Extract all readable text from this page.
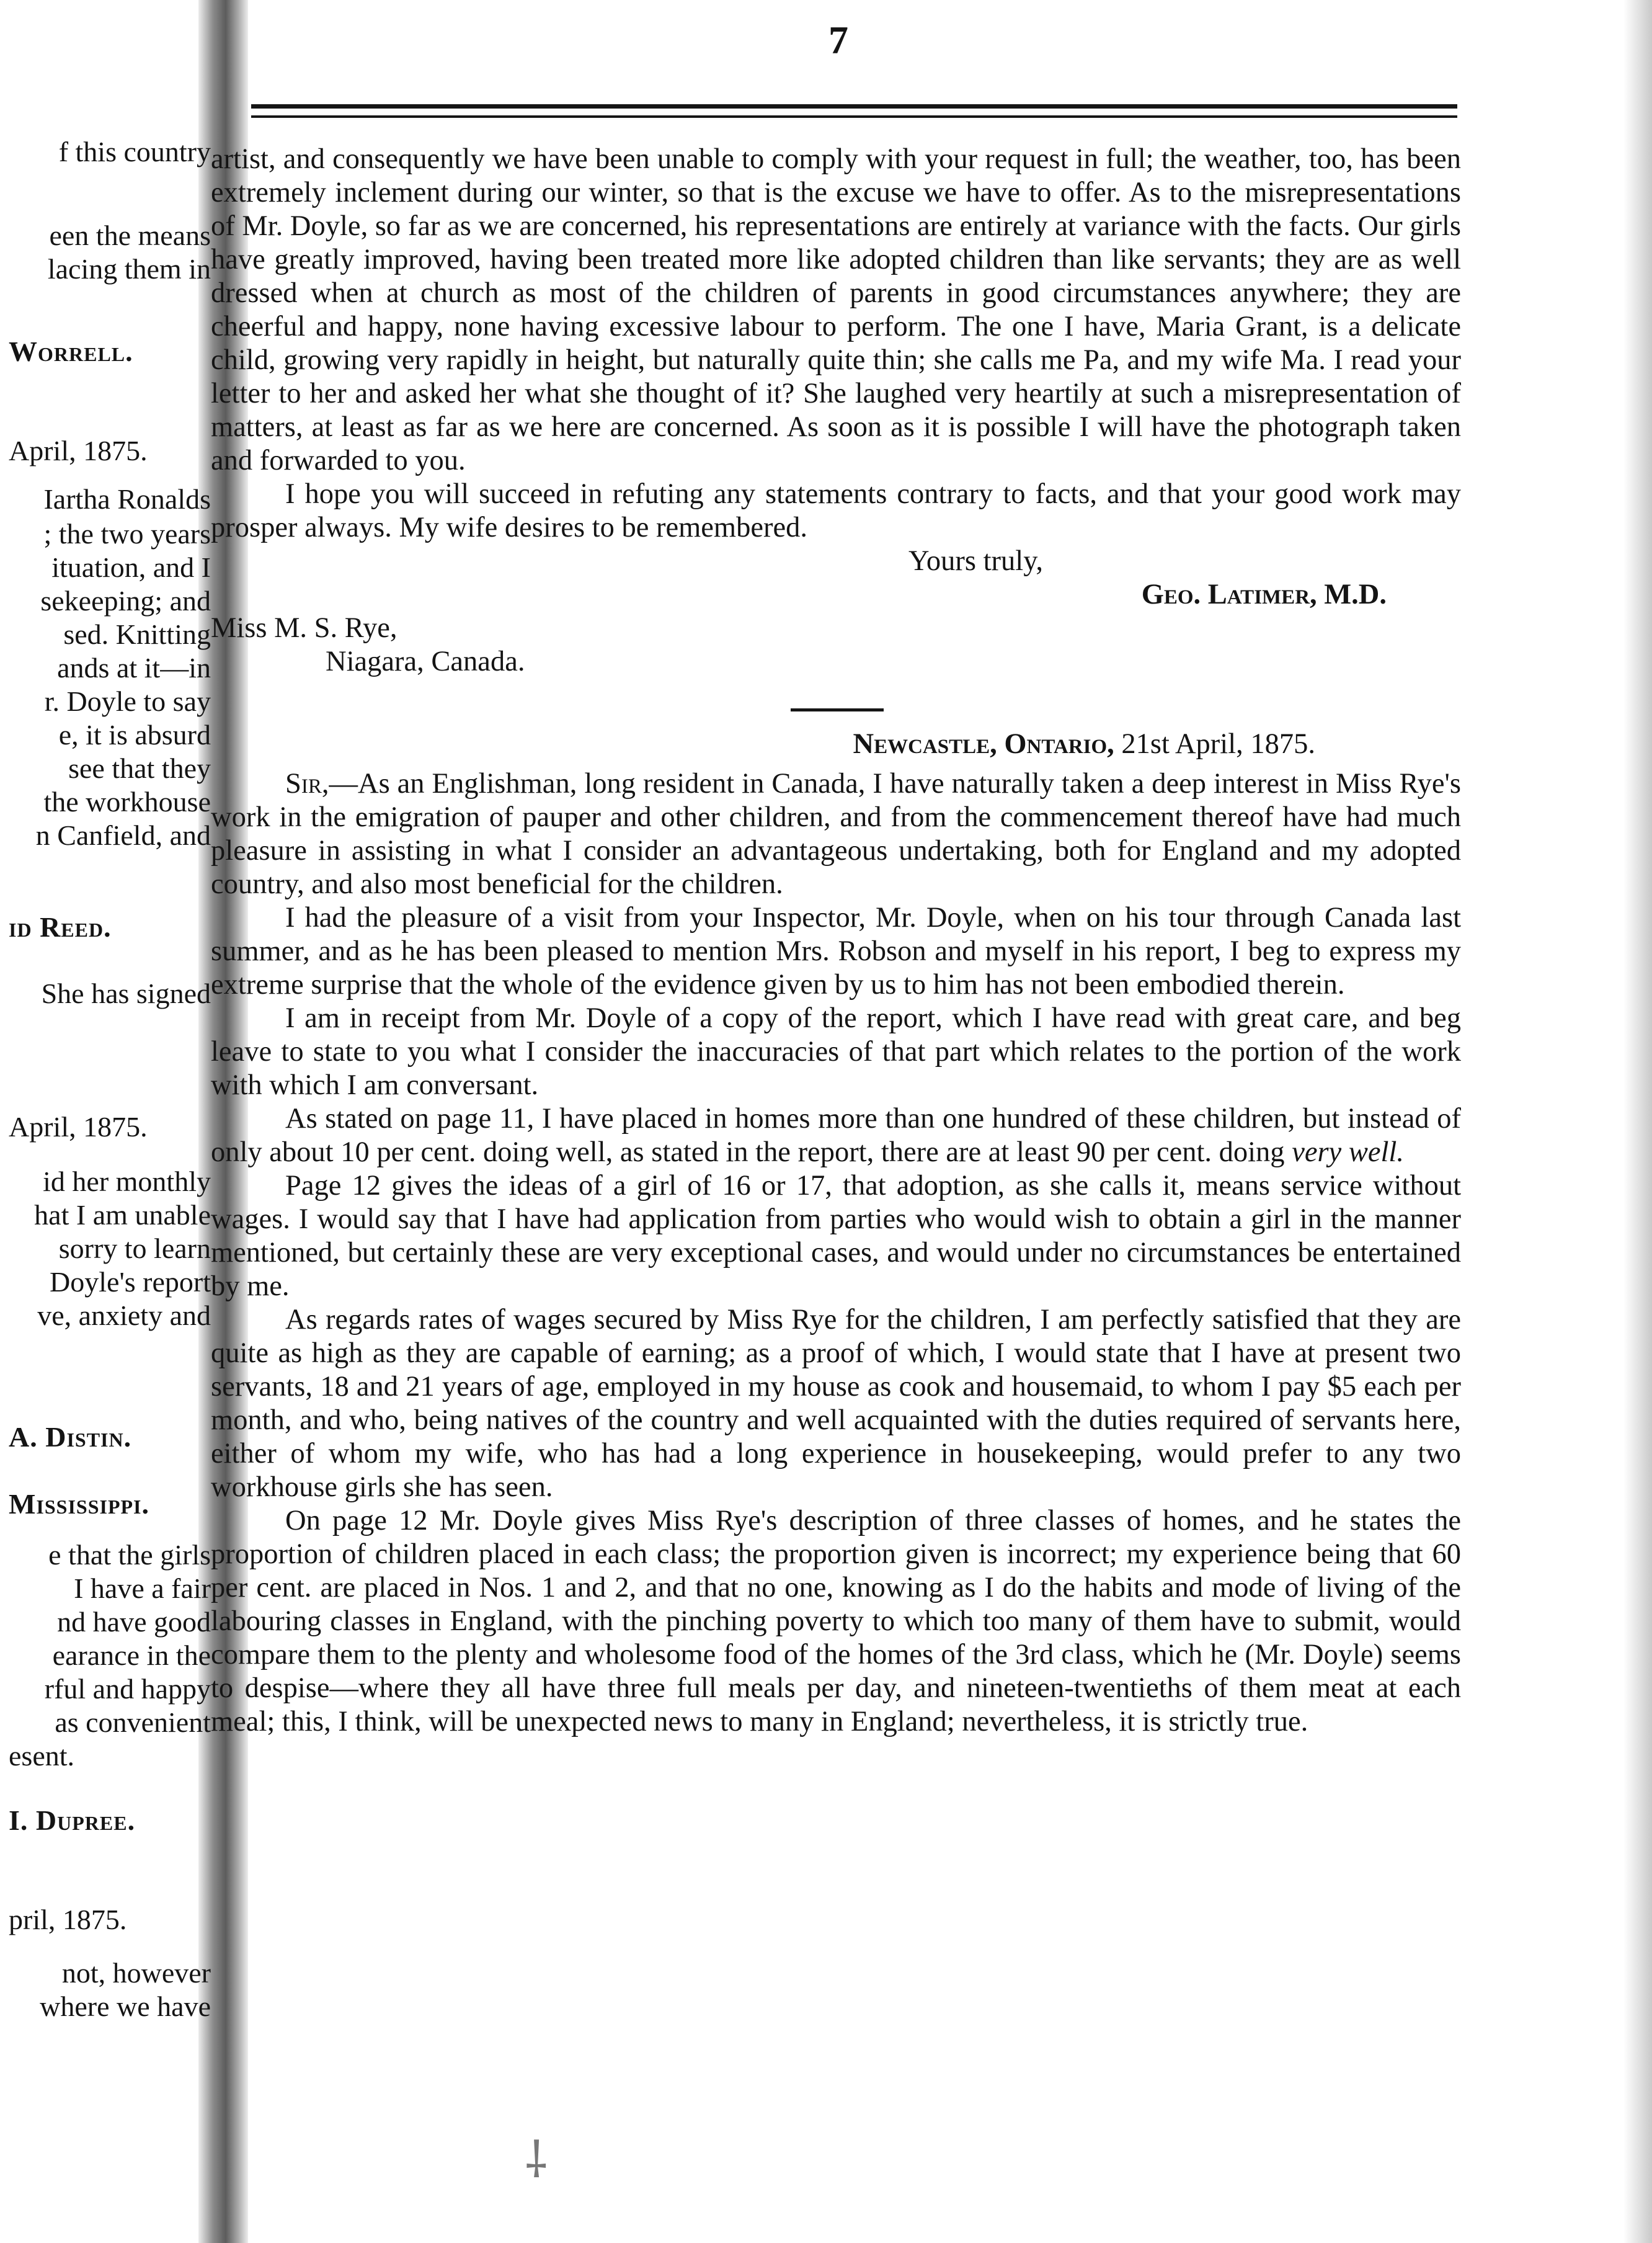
7
f this country
een the means
lacing them in
Worrell.
April, 1875.
Iartha Ronalds
; the two years
ituation, and I
sekeeping; and
sed. Knitting
ands at it—in
r. Doyle to say
e, it is absurd
see that they
the workhouse
n Canfield, and
id Reed.
She has signed
April, 1875.
id her monthly
hat I am unable
sorry to learn
Doyle's report
ve, anxiety and
A. Distin.
Mississippi.
e that the girls
I have a fair
nd have good
earance in the
rful and happy
as convenient
esent.
I. Dupree.
pril, 1875.
not, however
where we have

artist, and consequently we have been unable to comply with your request in full; the weather, too, has been extremely inclement during our winter, so that is the excuse we have to offer. As to the misrepresentations of Mr. Doyle, so far as we are concerned, his representations are entirely at variance with the facts. Our girls have greatly improved, having been treated more like adopted children than like servants; they are as well dressed when at church as most of the children of parents in good circumstances anywhere; they are cheerful and happy, none having excessive labour to perform. The one I have, Maria Grant, is a delicate child, growing very rapidly in height, but naturally quite thin; she calls me Pa, and my wife Ma. I read your letter to her and asked her what she thought of it? She laughed very heartily at such a misrepresentation of matters, at least as far as we here are concerned. As soon as it is possible I will have the photograph taken and forwarded to you.

I hope you will succeed in refuting any statements contrary to facts, and that your good work may prosper always. My wife desires to be remembered.

Yours truly,
Geo. Latimer, M.D.
Miss M. S. Rye,
Niagara, Canada.
Newcastle, Ontario, 21st April, 1875.

Sir,—As an Englishman, long resident in Canada, I have naturally taken a deep interest in Miss Rye's work in the emigration of pauper and other children, and from the commencement thereof have had much pleasure in assisting in what I consider an advantageous undertaking, both for England and my adopted country, and also most beneficial for the children.

I had the pleasure of a visit from your Inspector, Mr. Doyle, when on his tour through Canada last summer, and as he has been pleased to mention Mrs. Robson and myself in his report, I beg to express my extreme surprise that the whole of the evidence given by us to him has not been embodied therein.

I am in receipt from Mr. Doyle of a copy of the report, which I have read with great care, and beg leave to state to you what I consider the inaccuracies of that part which relates to the portion of the work with which I am conversant.

As stated on page 11, I have placed in homes more than one hundred of these children, but instead of only about 10 per cent. doing well, as stated in the report, there are at least 90 per cent. doing very well.

Page 12 gives the ideas of a girl of 16 or 17, that adoption, as she calls it, means service without wages. I would say that I have had application from parties who would wish to obtain a girl in the manner mentioned, but certainly these are very exceptional cases, and would under no circumstances be entertained by me.

As regards rates of wages secured by Miss Rye for the children, I am perfectly satisfied that they are quite as high as they are capable of earning; as a proof of which, I would state that I have at present two servants, 18 and 21 years of age, employed in my house as cook and housemaid, to whom I pay $5 each per month, and who, being natives of the country and well acquainted with the duties required of servants here, either of whom my wife, who has had a long experience in housekeeping, would prefer to any two workhouse girls she has seen.

On page 12 Mr. Doyle gives Miss Rye's description of three classes of homes, and he states the proportion of children placed in each class; the proportion given is incorrect; my experience being that 60 per cent. are placed in Nos. 1 and 2, and that no one, knowing as I do the habits and mode of living of the labouring classes in England, with the pinching poverty to which too many of them have to submit, would compare them to the plenty and wholesome food of the homes of the 3rd class, which he (Mr. Doyle) seems to despise—where they all have three full meals per day, and nineteen-twentieths of them meat at each meal; this, I think, will be unexpected news to many in England; nevertheless, it is strictly true.

⸸
